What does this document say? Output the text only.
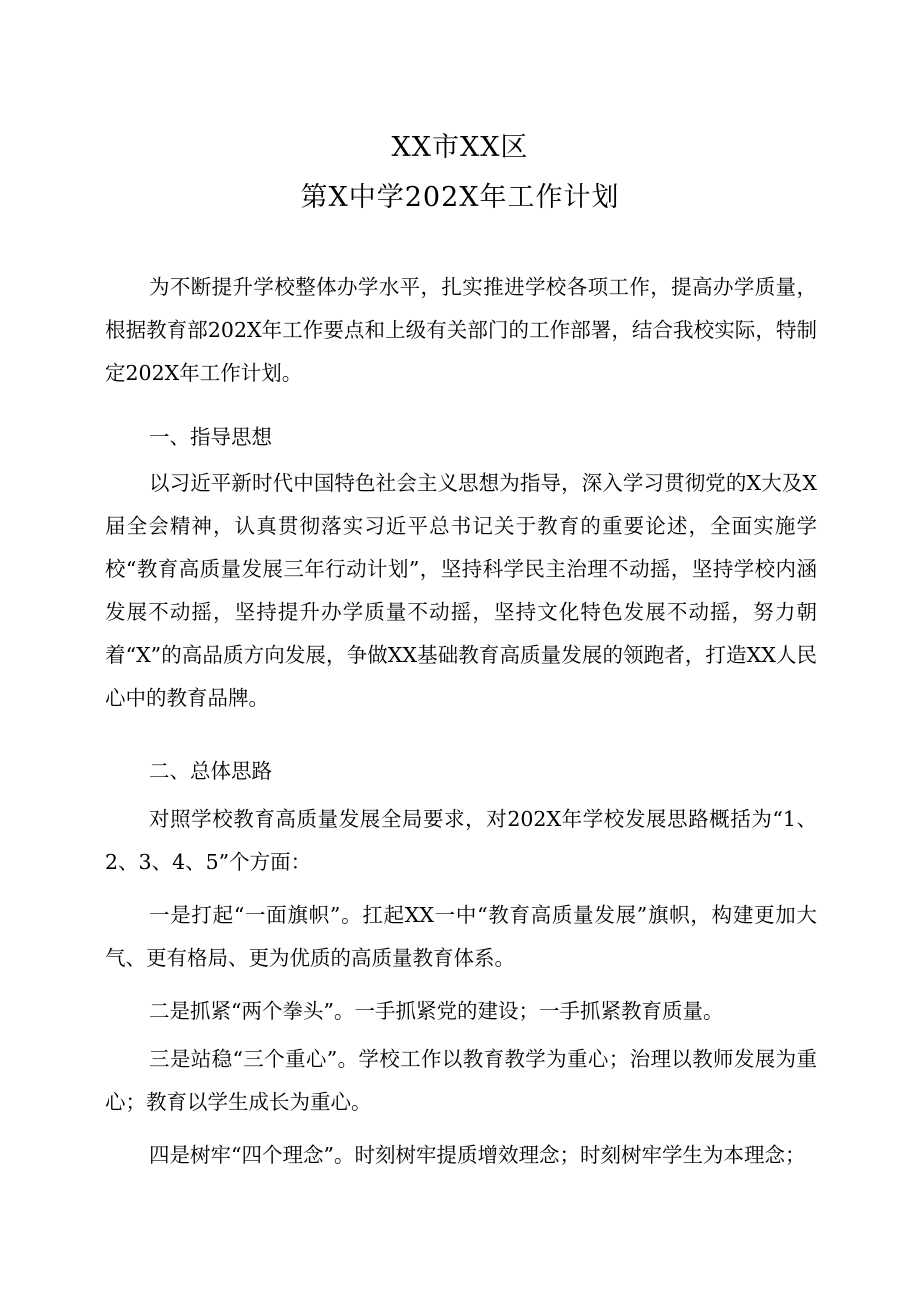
XX市XX区
第X中学202X年工作计划

为不断提升学校整体办学水平，扎实推进学校各项工作，提高办学质量，根据教育部202X年工作要点和上级有关部门的工作部署，结合我校实际，特制定202X年工作计划。

一、指导思想

以习近平新时代中国特色社会主义思想为指导，深入学习贯彻党的X大及X届全会精神，认真贯彻落实习近平总书记关于教育的重要论述，全面实施学校“教育高质量发展三年行动计划”，坚持科学民主治理不动摇，坚持学校内涵发展不动摇，坚持提升办学质量不动摇，坚持文化特色发展不动摇，努力朝着“X”的高品质方向发展，争做XX基础教育高质量发展的领跑者，打造XX人民心中的教育品牌。

二、总体思路

对照学校教育高质量发展全局要求，对202X年学校发展思路概括为“1、2、3、4、5”个方面：

一是打起“一面旗帜”。扛起XX一中“教育高质量发展”旗帜，构建更加大气、更有格局、更为优质的高质量教育体系。

二是抓紧“两个拳头”。一手抓紧党的建设；一手抓紧教育质量。

三是站稳“三个重心”。学校工作以教育教学为重心；治理以教师发展为重心；教育以学生成长为重心。

四是树牢“四个理念”。时刻树牢提质增效理念；时刻树牢学生为本理念；
